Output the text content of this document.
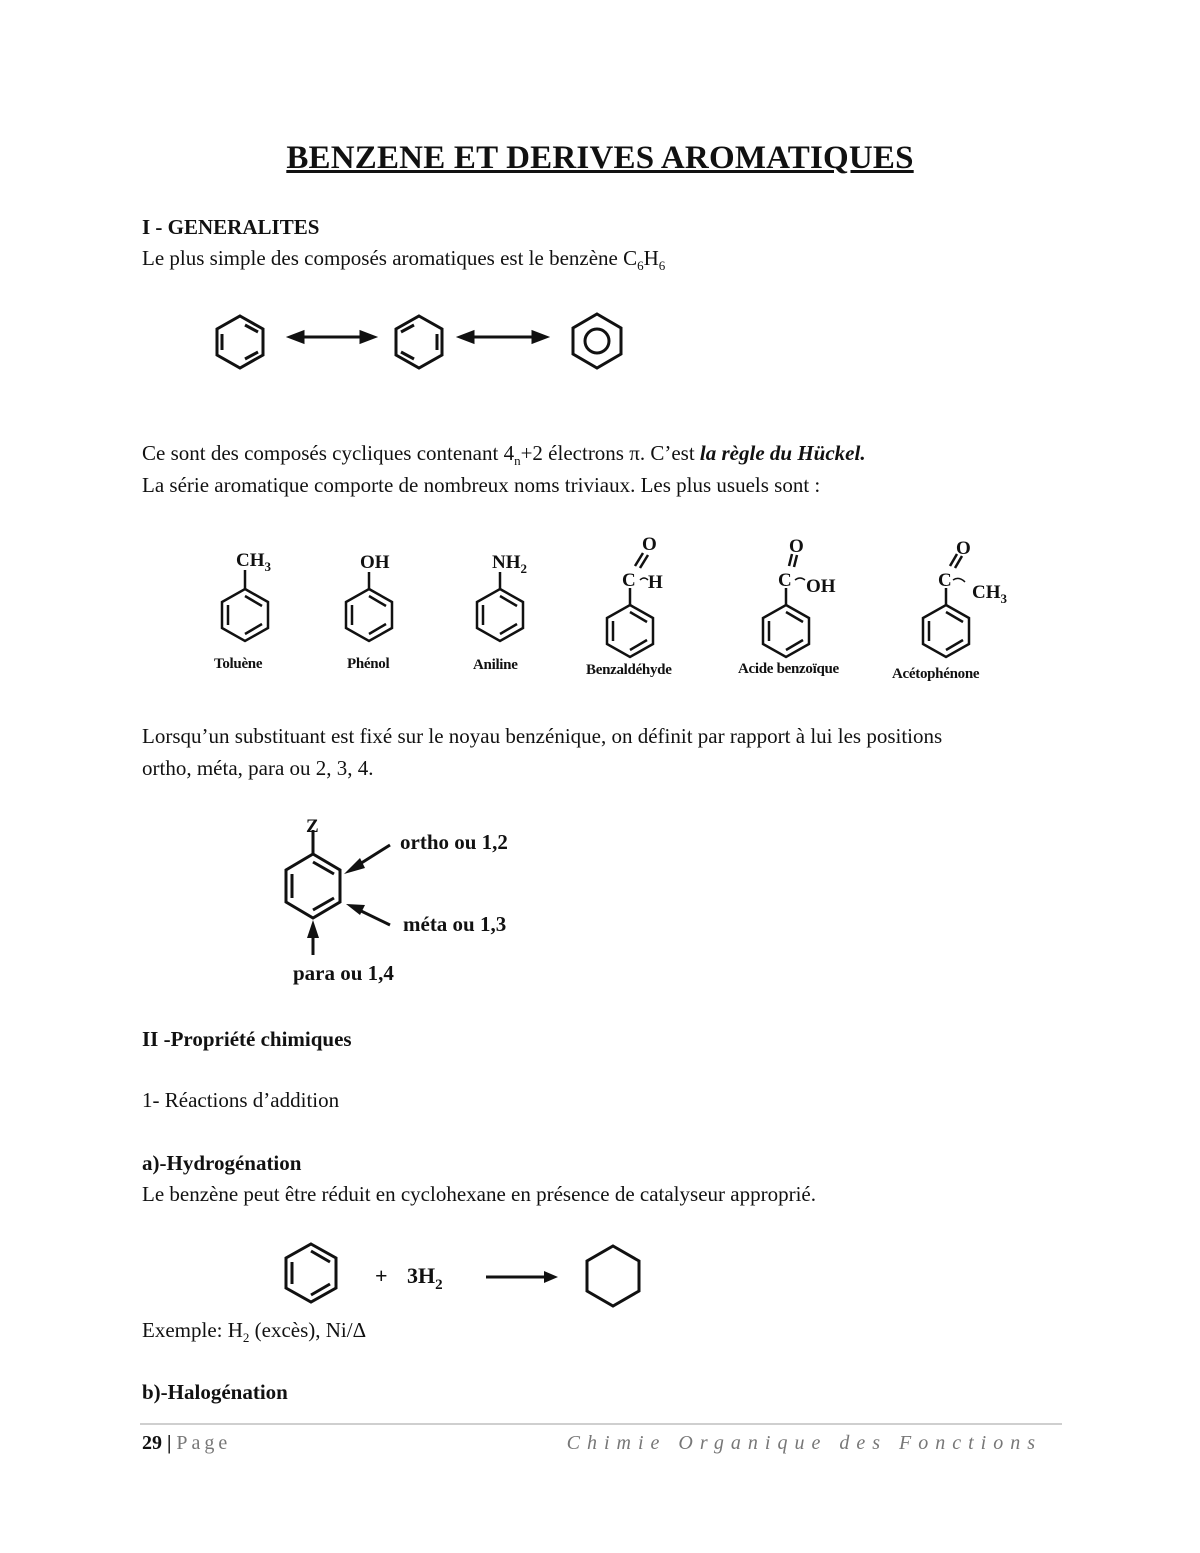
BENZENE ET DERIVES AROMATIQUES
I - GENERALITES
Le plus simple des composés aromatiques est le benzène $C_6H_6$
Ce sont des composés cycliques contenant $4_n+2$ électrons π. C’est la règle du Hückel.
La série aromatique comporte de nombreux noms triviaux. Les plus usuels sont :
$CH_3$	OH	$NH_2$
O
C H
O
C OH
O
C
$CH_3$
Toluène	Phénol	Aniline	Benzaldéhyde	Acide benzoïque	Acétophénone
Lorsqu’un substituant est fixé sur le noyau benzénique, on définit par rapport à lui les positions
ortho, méta, para ou 2, 3, 4.
Z
ortho ou 1,2
méta ou 1,3
para ou 1,4
II -Propriété chimiques
1- Réactions d’addition
a)-Hydrogénation
Le benzène peut être réduit en cyclohexane en présence de catalyseur approprié.
+ $3H_2$
Exemple: $H_2$ (excès), Ni/Δ
b)-Halogénation
29 | Page	Chimie Organique des Fonctions
